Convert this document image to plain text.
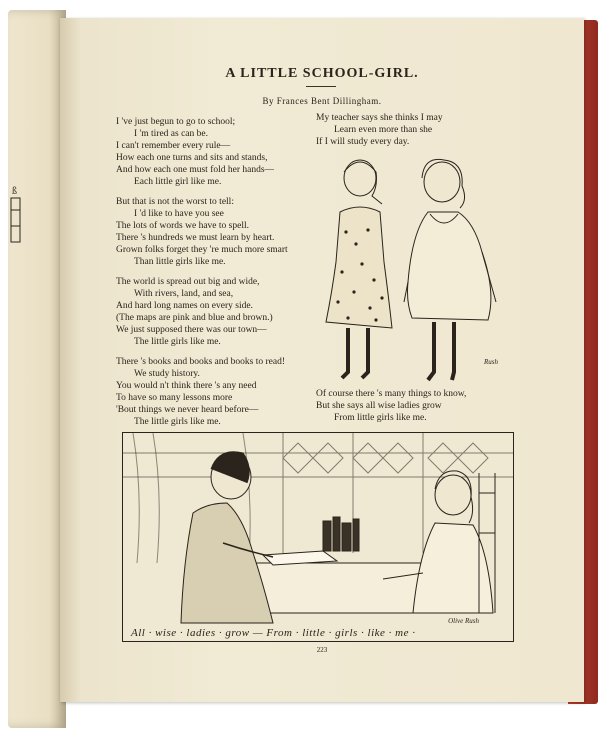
ß
A LITTLE SCHOOL-GIRL.
By Frances Bent Dillingham.
I 've just begun to go to school;
I 'm tired as can be.
I can't remember every rule—
How each one turns and sits and stands,
And how each one must fold her hands—
Each little girl like me.
But that is not the worst to tell:
I 'd like to have you see
The lots of words we have to spell.
There 's hundreds we must learn by heart.
Grown folks forget they 're much more smart
Than little girls like me.
The world is spread out big and wide,
With rivers, land, and sea,
And hard long names on every side.
(The maps are pink and blue and brown.)
We just supposed there was our town—
The little girls like me.
There 's books and books and books to read!
We study history.
You would n't think there 's any need
To have so many lessons more
'Bout things we never heard before—
The little girls like me.
My teacher says she thinks I may
Learn even more than she
If I will study every day.
Of course there 's many things to know,
But she says all wise ladies grow
From little girls like me.
Rush
All · wise · ladies · grow — From · little · girls · like · me ·
Olive Rush
223
